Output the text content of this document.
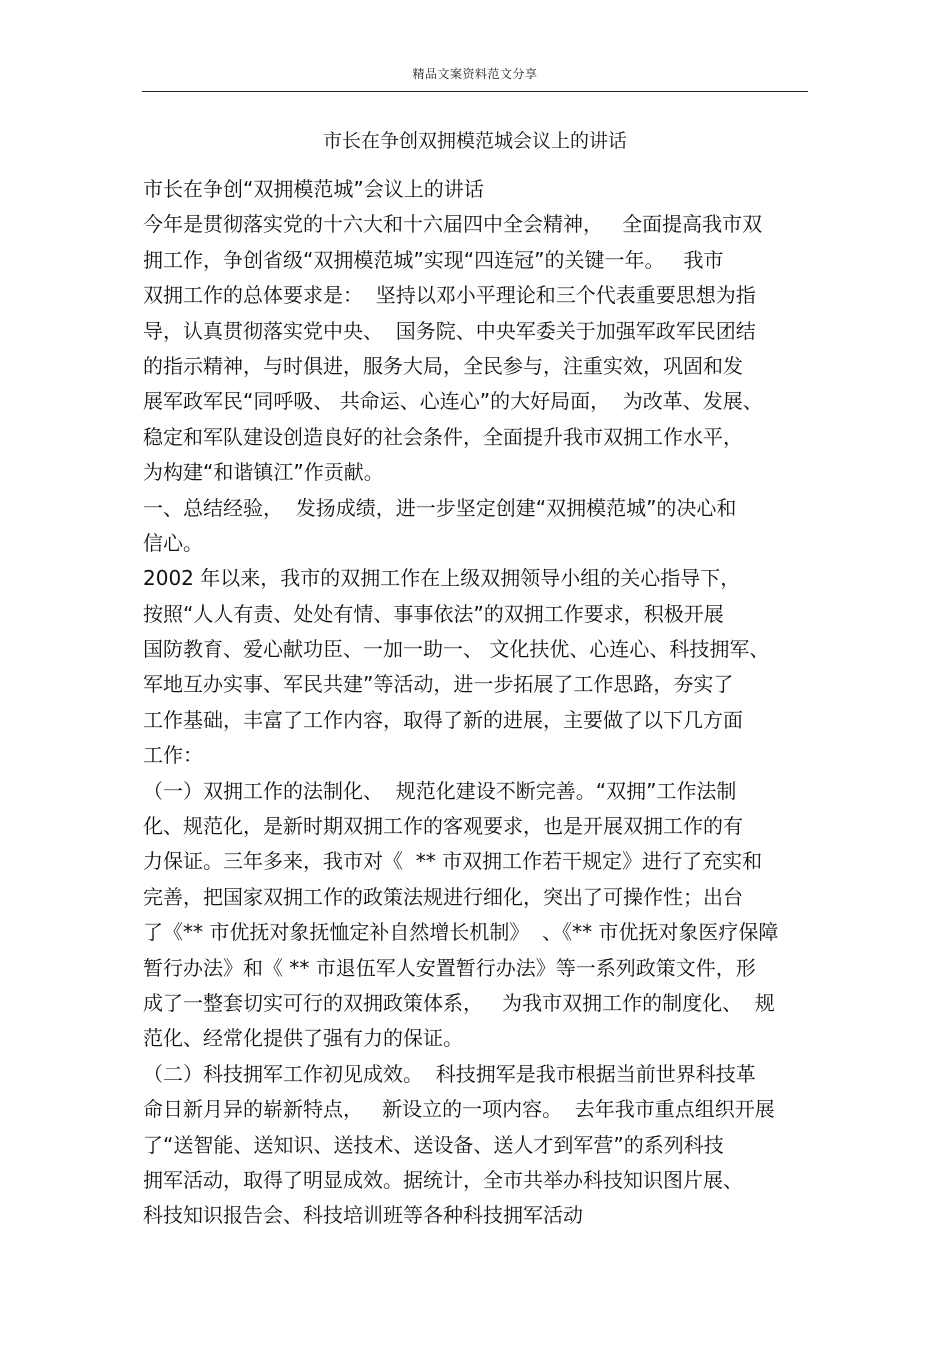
精品文案资料范文分享
市长在争创双拥模范城会议上的讲话
市长在争创“双拥模范城”会议上的讲话
今年是贯彻落实党的十六大和十六届四中全会精神，   全面提高我市双
拥工作，争创省级“双拥模范城”实现“四连冠”的关键一年。   我市
双拥工作的总体要求是：  坚持以邓小平理论和三个代表重要思想为指
导，认真贯彻落实党中央、  国务院、中央军委关于加强军政军民团结
的指示精神，与时俱进，服务大局，全民参与，注重实效，巩固和发
展军政军民“同呼吸、 共命运、心连心”的大好局面，  为改革、发展、
稳定和军队建设创造良好的社会条件，全面提升我市双拥工作水平，
为构建“和谐镇江”作贡献。
一、总结经验，  发扬成绩，进一步坚定创建“双拥模范城”的决心和
信心。
2002 年以来，我市的双拥工作在上级双拥领导小组的关心指导下，
按照“人人有责、处处有情、事事依法”的双拥工作要求，积极开展
国防教育、爱心献功臣、一加一助一、 文化扶优、心连心、科技拥军、
军地互办实事、军民共建”等活动，进一步拓展了工作思路，夯实了
工作基础，丰富了工作内容，取得了新的进展，主要做了以下几方面
工作：
（一）双拥工作的法制化、  规范化建设不断完善。“双拥”工作法制
化、规范化，是新时期双拥工作的客观要求，也是开展双拥工作的有
力保证。三年多来，我市对《  ** 市双拥工作若干规定》进行了充实和
完善，把国家双拥工作的政策法规进行细化，突出了可操作性；出台
了《** 市优抚对象抚恤定补自然增长机制》  、《** 市优抚对象医疗保障
暂行办法》和《 ** 市退伍军人安置暂行办法》等一系列政策文件，形
成了一整套切实可行的双拥政策体系，   为我市双拥工作的制度化、  规
范化、经常化提供了强有力的保证。
（二）科技拥军工作初见成效。  科技拥军是我市根据当前世界科技革
命日新月异的崭新特点，   新设立的一项内容。  去年我市重点组织开展
了“送智能、送知识、送技术、送设备、送人才到军营”的系列科技
拥军活动，取得了明显成效。据统计，全市共举办科技知识图片展、
科技知识报告会、科技培训班等各种科技拥军活动
